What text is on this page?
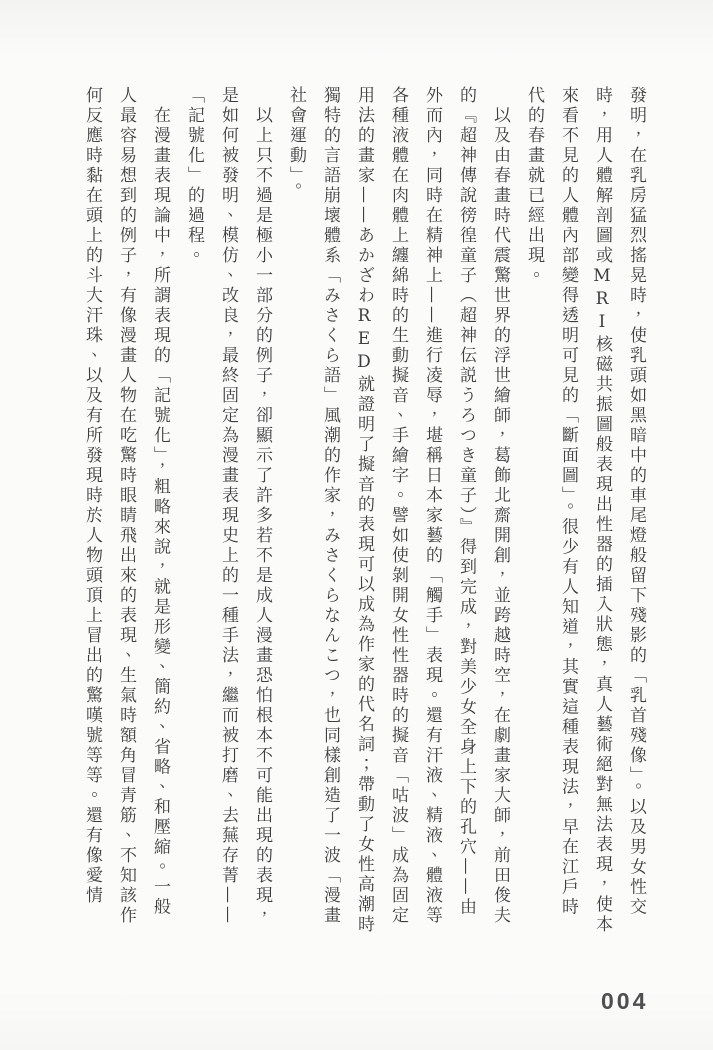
發明，在乳房猛烈搖晃時，使乳頭如黑暗中的車尾燈般留下殘影的「乳首殘像」。以及男女性交時，用人體解剖圖或MRI核磁共振圖般表現出性器的插入狀態，真人藝術絕對無法表現，使本來看不見的人體內部變得透明可見的「斷面圖」。很少有人知道，其實這種表現法，早在江戶時代的春畫就已經出現。

以及由春畫時代震驚世界的浮世繪師，葛飾北齋開創，並跨越時空，在劇畫家大師，前田俊夫的『超神傳說徬徨童子（超神伝説うろつき童子）』得到完成，對美少女全身上下的孔穴——由外而內，同時在精神上——進行凌辱，堪稱日本家藝的「觸手」表現。還有汗液、精液、體液等各種液體在肉體上纏綿時的生動擬音、手繪字。譬如使剝開女性性器時的擬音「咕波」成為固定用法的畫家——あかざわRED就證明了擬音的表現可以成為作家的代名詞；帶動了女性高潮時獨特的言語崩壞體系「みさくら語」風潮的作家，みさくらなんこつ，也同樣創造了一波「漫畫社會運動」。

以上只不過是極小一部分的例子，卻顯示了許多若不是成人漫畫恐怕根本不可能出現的表現，是如何被發明、模仿、改良，最終固定為漫畫表現史上的一種手法，繼而被打磨、去蕪存菁——「記號化」的過程。

在漫畫表現論中，所謂表現的「記號化」，粗略來說，就是形變、簡約、省略、和壓縮。一般人最容易想到的例子，有像漫畫人物在吃驚時眼睛飛出來的表現、生氣時額角冒青筋、不知該作何反應時黏在頭上的斗大汗珠、以及有所發現時於人物頭頂上冒出的驚嘆號等等。還有像愛情

004
